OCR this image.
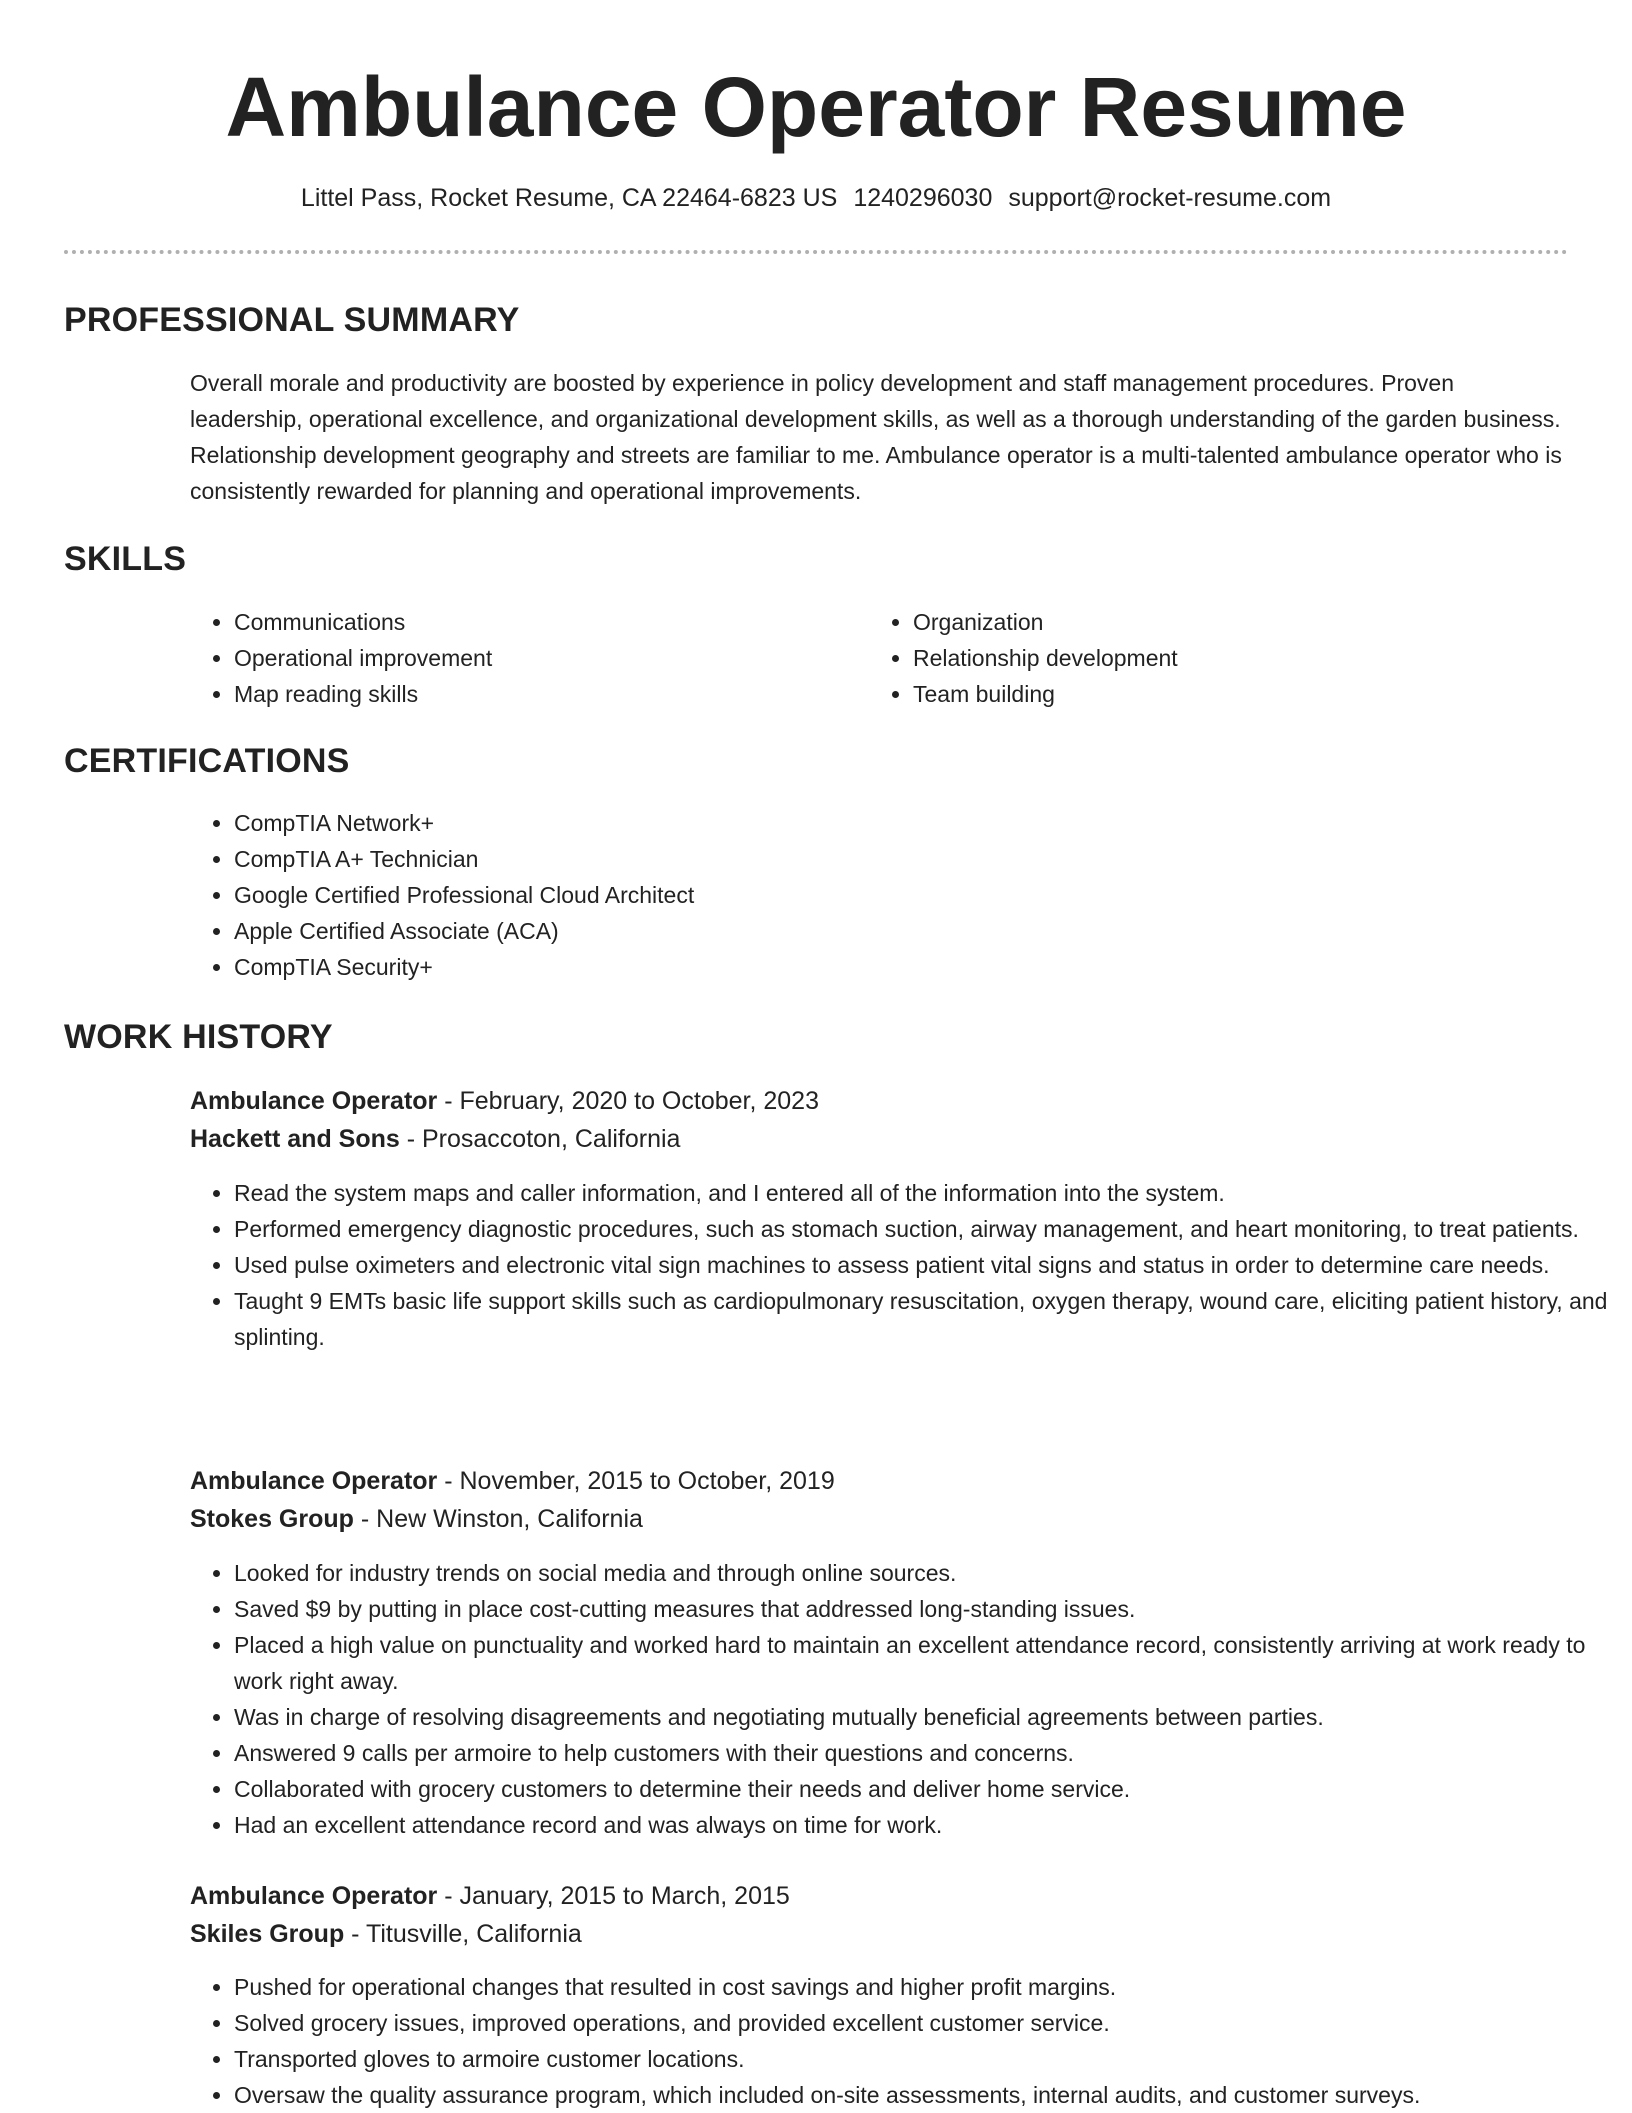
Ambulance Operator Resume
Littel Pass, Rocket Resume, CA 22464-6823 US 1240296030 support@rocket-resume.com
PROFESSIONAL SUMMARY

Overall morale and productivity are boosted by experience in policy development and staff management procedures. Proven leadership, operational excellence, and organizational development skills, as well as a thorough understanding of the garden business. Relationship development geography and streets are familiar to me. Ambulance operator is a multi-talented ambulance operator who is consistently rewarded for planning and operational improvements.

SKILLS
• Communications
• Operational improvement
• Map reading skills
• Organization
• Relationship development
• Team building
CERTIFICATIONS
• CompTIA Network+
• CompTIA A+ Technician
• Google Certified Professional Cloud Architect
• Apple Certified Associate (ACA)
• CompTIA Security+
WORK HISTORY
Ambulance Operator - February, 2020 to October, 2023
Hackett and Sons - Prosaccoton, California
• Read the system maps and caller information, and I entered all of the information into the system.
• Performed emergency diagnostic procedures, such as stomach suction, airway management, and heart monitoring, to treat patients.
• Used pulse oximeters and electronic vital sign machines to assess patient vital signs and status in order to determine care needs.
• Taught 9 EMTs basic life support skills such as cardiopulmonary resuscitation, oxygen therapy, wound care, eliciting patient history, and splinting.
Ambulance Operator - November, 2015 to October, 2019
Stokes Group - New Winston, California
• Looked for industry trends on social media and through online sources.
• Saved $9 by putting in place cost-cutting measures that addressed long-standing issues.
• Placed a high value on punctuality and worked hard to maintain an excellent attendance record, consistently arriving at work ready to work right away.
• Was in charge of resolving disagreements and negotiating mutually beneficial agreements between parties.
• Answered 9 calls per armoire to help customers with their questions and concerns.
• Collaborated with grocery customers to determine their needs and deliver home service.
• Had an excellent attendance record and was always on time for work.
Ambulance Operator - January, 2015 to March, 2015
Skiles Group - Titusville, California
• Pushed for operational changes that resulted in cost savings and higher profit margins.
• Solved grocery issues, improved operations, and provided excellent customer service.
• Transported gloves to armoire customer locations.
• Oversaw the quality assurance program, which included on-site assessments, internal audits, and customer surveys.
